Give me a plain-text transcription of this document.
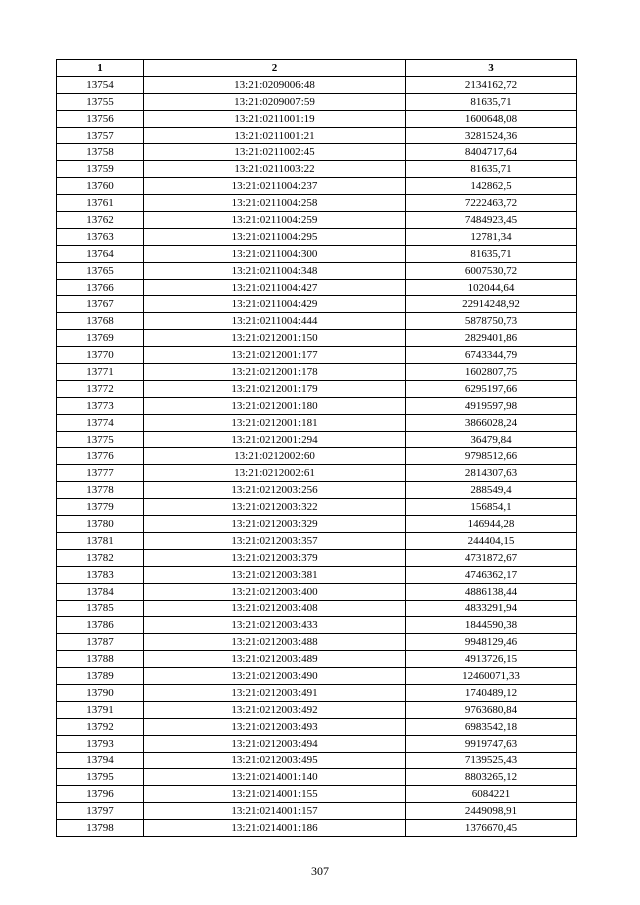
1	2	3
13754	13:21:0209006:48	2134162,72
13755	13:21:0209007:59	81635,71
13756	13:21:0211001:19	1600648,08
13757	13:21:0211001:21	3281524,36
13758	13:21:0211002:45	8404717,64
13759	13:21:0211003:22	81635,71
13760	13:21:0211004:237	142862,5
13761	13:21:0211004:258	7222463,72
13762	13:21:0211004:259	7484923,45
13763	13:21:0211004:295	12781,34
13764	13:21:0211004:300	81635,71
13765	13:21:0211004:348	6007530,72
13766	13:21:0211004:427	102044,64
13767	13:21:0211004:429	22914248,92
13768	13:21:0211004:444	5878750,73
13769	13:21:0212001:150	2829401,86
13770	13:21:0212001:177	6743344,79
13771	13:21:0212001:178	1602807,75
13772	13:21:0212001:179	6295197,66
13773	13:21:0212001:180	4919597,98
13774	13:21:0212001:181	3866028,24
13775	13:21:0212001:294	36479,84
13776	13:21:0212002:60	9798512,66
13777	13:21:0212002:61	2814307,63
13778	13:21:0212003:256	288549,4
13779	13:21:0212003:322	156854,1
13780	13:21:0212003:329	146944,28
13781	13:21:0212003:357	244404,15
13782	13:21:0212003:379	4731872,67
13783	13:21:0212003:381	4746362,17
13784	13:21:0212003:400	4886138,44
13785	13:21:0212003:408	4833291,94
13786	13:21:0212003:433	1844590,38
13787	13:21:0212003:488	9948129,46
13788	13:21:0212003:489	4913726,15
13789	13:21:0212003:490	12460071,33
13790	13:21:0212003:491	1740489,12
13791	13:21:0212003:492	9763680,84
13792	13:21:0212003:493	6983542,18
13793	13:21:0212003:494	9919747,63
13794	13:21:0212003:495	7139525,43
13795	13:21:0214001:140	8803265,12
13796	13:21:0214001:155	6084221
13797	13:21:0214001:157	2449098,91
13798	13:21:0214001:186	1376670,45
307
